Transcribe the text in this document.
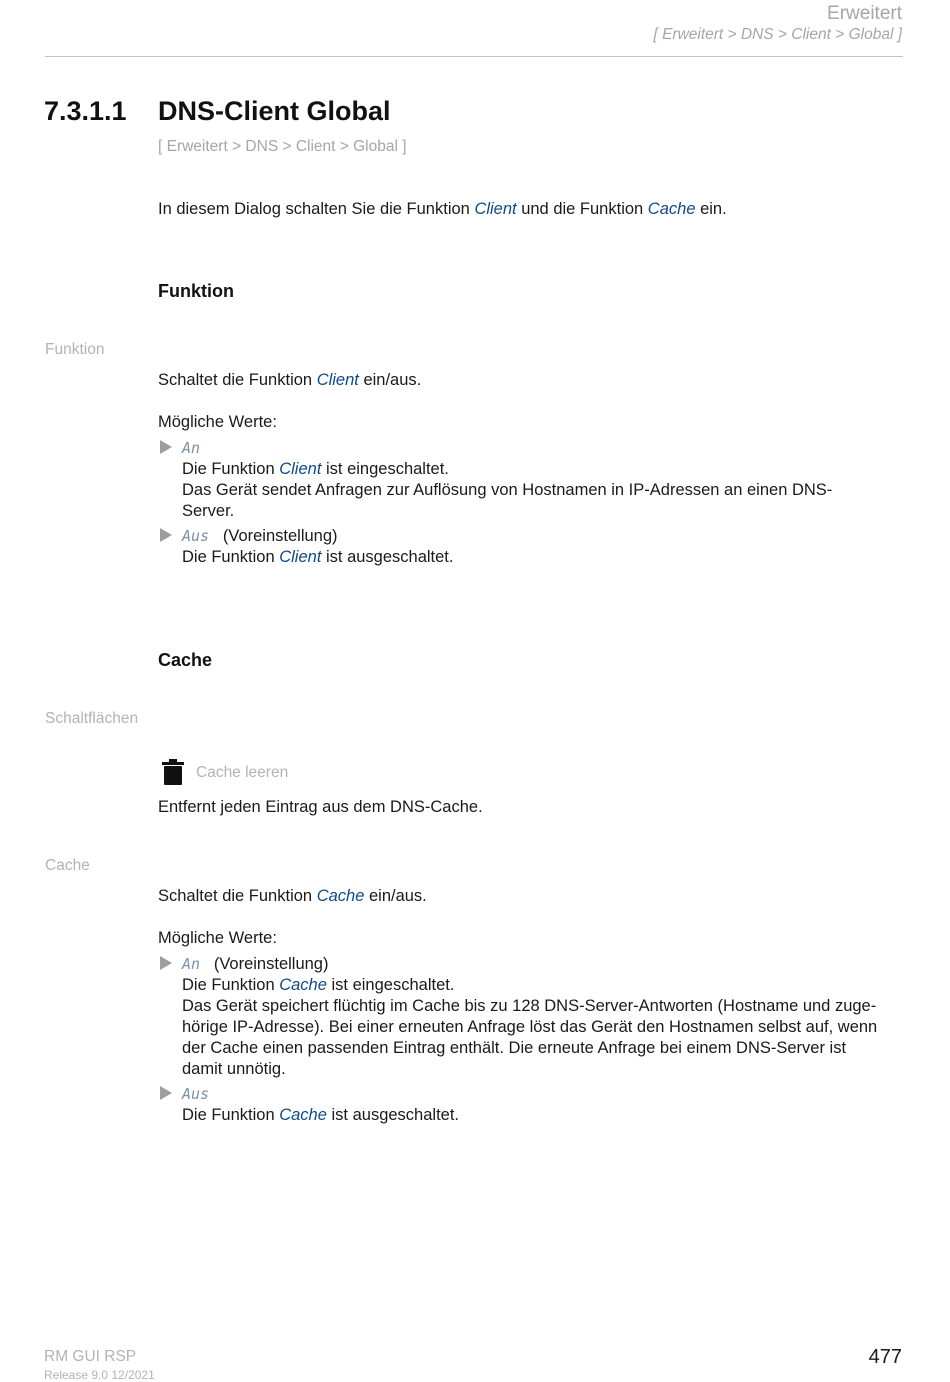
Erweitert
[ Erweitert > DNS > Client > Global ]
7.3.1.1 DNS-Client Global
[ Erweitert > DNS > Client > Global ]
In diesem Dialog schalten Sie die Funktion Client und die Funktion Cache ein.
Funktion
Funktion
Schaltet die Funktion Client ein/aus.
Mögliche Werte:
An
Die Funktion Client ist eingeschaltet.
Das Gerät sendet Anfragen zur Auflösung von Hostnamen in IP-Adressen an einen DNS-
Server.
Aus (Voreinstellung)
Die Funktion Client ist ausgeschaltet.
Cache
Schaltflächen
Cache leeren
Entfernt jeden Eintrag aus dem DNS-Cache.
Cache
Schaltet die Funktion Cache ein/aus.
Mögliche Werte:
An (Voreinstellung)
Die Funktion Cache ist eingeschaltet.
Das Gerät speichert flüchtig im Cache bis zu 128 DNS-Server-Antworten (Hostname und zuge-
hörige IP-Adresse). Bei einer erneuten Anfrage löst das Gerät den Hostnamen selbst auf, wenn
der Cache einen passenden Eintrag enthält. Die erneute Anfrage bei einem DNS-Server ist
damit unnötig.
Aus
Die Funktion Cache ist ausgeschaltet.
RM GUI RSP
Release 9.0 12/2021
477
